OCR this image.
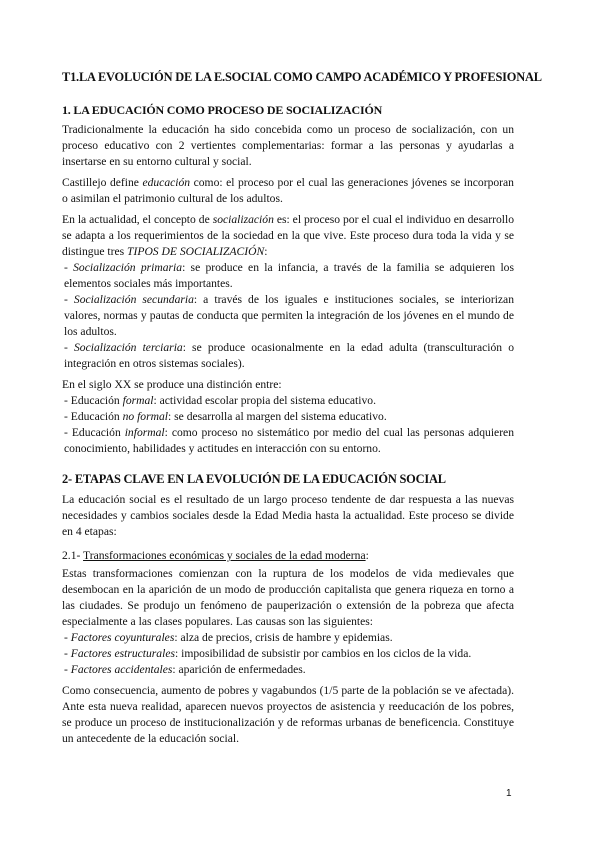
T1.LA EVOLUCIÓN DE LA E.SOCIAL COMO CAMPO ACADÉMICO Y PROFESIONAL
1. LA EDUCACIÓN COMO PROCESO DE SOCIALIZACIÓN

Tradicionalmente la educación ha sido concebida como un proceso de socialización, con un proceso educativo con 2 vertientes complementarias: formar a las personas y ayudarlas a insertarse en su entorno cultural y social.

Castillejo define educación como: el proceso por el cual las generaciones jóvenes se incorporan o asimilan el patrimonio cultural de los adultos.

En la actualidad, el concepto de socialización es: el proceso por el cual el individuo en desarrollo se adapta a los requerimientos de la sociedad en la que vive. Este proceso dura toda la vida y se distingue tres TIPOS DE SOCIALIZACIÓN:

- Socialización primaria: se produce en la infancia, a través de la familia se adquieren los elementos sociales más importantes.
- Socialización secundaria: a través de los iguales e instituciones sociales, se interiorizan valores, normas y pautas de conducta que permiten la integración de los jóvenes en el mundo de los adultos.
- Socialización terciaria: se produce ocasionalmente en la edad adulta (transculturación o integración en otros sistemas sociales).

En el siglo XX se produce una distinción entre:

- Educación formal: actividad escolar propia del sistema educativo.
- Educación no formal: se desarrolla al margen del sistema educativo.
- Educación informal: como proceso no sistemático por medio del cual las personas adquieren conocimiento, habilidades y actitudes en interacción con su entorno.
2- ETAPAS CLAVE EN LA EVOLUCIÓN DE LA EDUCACIÓN SOCIAL

La educación social es el resultado de un largo proceso tendente de dar respuesta a las nuevas necesidades y cambios sociales desde la Edad Media hasta la actualidad. Este proceso se divide en 4 etapas:

2.1- Transformaciones económicas y sociales de la edad moderna:

Estas transformaciones comienzan con la ruptura de los modelos de vida medievales que desembocan en la aparición de un modo de producción capitalista que genera riqueza en torno a las ciudades. Se produjo un fenómeno de pauperización o extensión de la pobreza que afecta especialmente a las clases populares. Las causas son las siguientes:

- Factores coyunturales: alza de precios, crisis de hambre y epidemias.
- Factores estructurales: imposibilidad de subsistir por cambios en los ciclos de la vida.
- Factores accidentales: aparición de enfermedades.

Como consecuencia, aumento de pobres y vagabundos (1/5 parte de la población se ve afectada). Ante esta nueva realidad, aparecen nuevos proyectos de asistencia y reeducación de los pobres, se produce un proceso de institucionalización y de reformas urbanas de beneficencia. Constituye un antecedente de la educación social.

1
